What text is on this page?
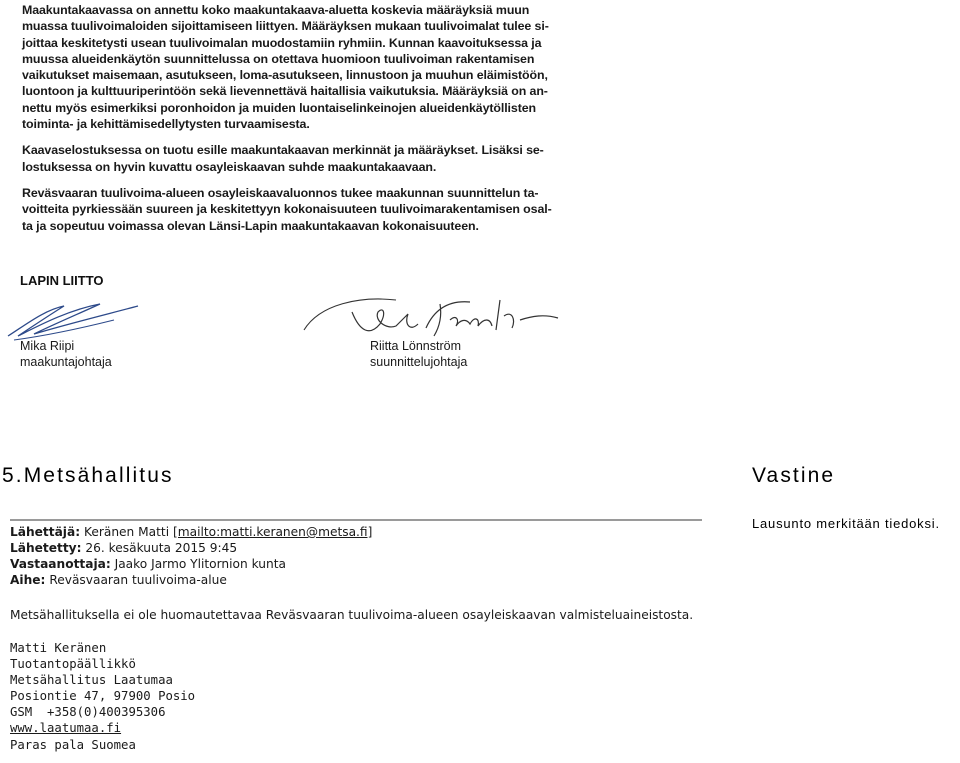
Maakuntakaavassa on annettu koko maakuntakaava-aluetta koskevia määräyksiä muun
muassa tuulivoimaloiden sijoittamiseen liittyen. Määräyksen mukaan tuulivoimalat tulee si-
joittaa keskitetysti usean tuulivoimalan muodostamiin ryhmiin. Kunnan kaavoituksessa ja
muussa alueidenkäytön suunnittelussa on otettava huomioon tuulivoiman rakentamisen
vaikutukset maisemaan, asutukseen, loma-asutukseen, linnustoon ja muuhun eläimistöön,
luontoon ja kulttuuriperintöön sekä lievennettävä haitallisia vaikutuksia. Määräyksiä on an-
nettu myös esimerkiksi poronhoidon ja muiden luontaiselinkeinojen alueidenkäytöllisten
toiminta- ja kehittämisedellytysten turvaamisesta.

Kaavaselostuksessa on tuotu esille maakuntakaavan merkinnät ja määräykset. Lisäksi se-
lostuksessa on hyvin kuvattu osayleiskaavan suhde maakuntakaavaan.

Reväsvaaran tuulivoima-alueen osayleiskaavaluonnos tukee maakunnan suunnittelun ta-
voitteita pyrkiessään suureen ja keskitettyyn kokonaisuuteen tuulivoimarakentamisen osal-
ta ja sopeutuu voimassa olevan Länsi-Lapin maakuntakaavan kokonaisuuteen.

LAPIN LIITTO
Mika Riipi
maakuntajohtaja
Riitta Lönnström
suunnittelujohtaja
5.Metsähallitus	Vastine
Lausunto merkitään tiedoksi.
Lähettäjä: Keränen Matti [mailto:matti.keranen@metsa.fi]
Lähetetty: 26. kesäkuuta 2015 9:45
Vastaanottaja: Jaako Jarmo Ylitornion kunta
Aihe: Reväsvaaran tuulivoima-alue
Metsähallituksella ei ole huomautettavaa Reväsvaaran tuulivoima-alueen osayleiskaavan valmisteluaineistosta.
Matti Keränen
Tuotantopäällikkö
Metsähallitus Laatumaa
Posiontie 47, 97900 Posio
GSM +358(0)400395306
www.laatumaa.fi
Paras pala Suomea
